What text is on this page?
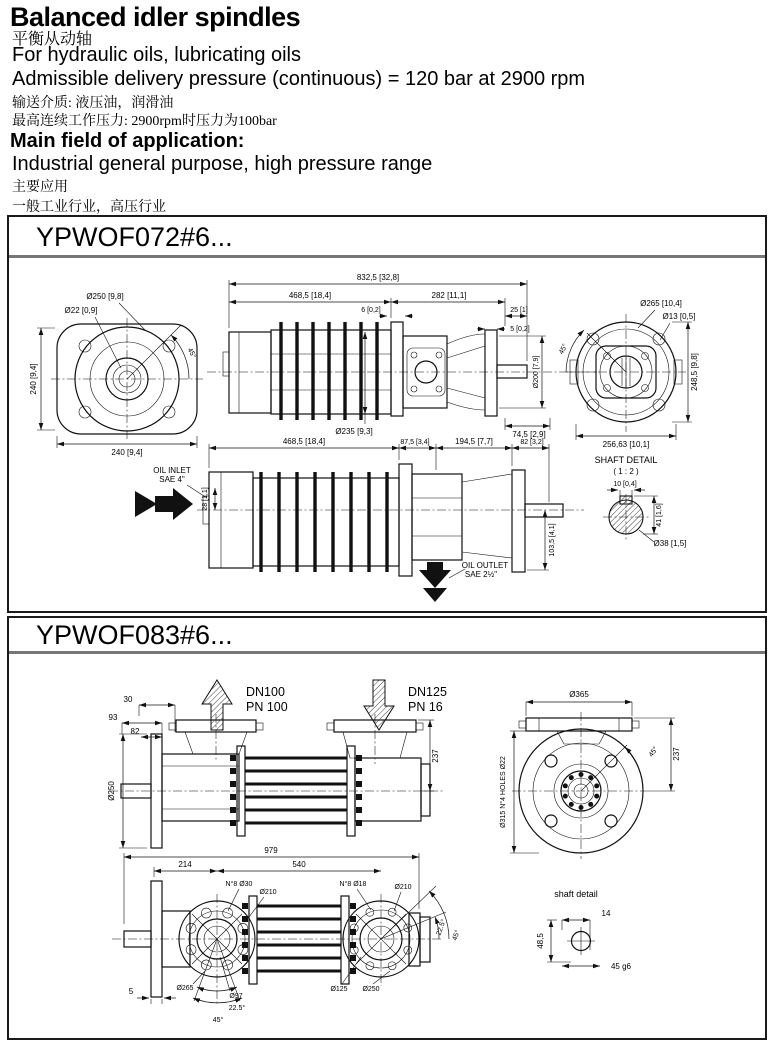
Balanced idler spindles
平衡从动轴
For hydraulic oils, lubricating oils
Admissible delivery pressure (continuous) = 120 bar at 2900 rpm
输送介质: 液压油，润滑油
最高连续工作压力: 2900rpm时压力为100bar
Main field of application:
Industrial general purpose, high pressure range
主要应用
一般工业行业，高压行业
YPWOF072#6...
240 [9,4]
240 [9,4]
Ø250 [9,8]
Ø22 [0,9]
45°
832,5 [32,8]
468,5 [18,4]	282 [11,1]
25 [1]
5 [0,2]
6 [0,2]
Ø235 [9,3]
Ø200 [7,9]
74,5 [2,9]
Ø265 [10,4]
Ø13 [0,5]
45°
248,5 [9,8]
256,63 [10,1]
468,5 [18,4]	87,5 [3,4]	194,5 [7,7]	82 [3,2]
OIL INLET
SAE 4"
28 [1,1]
OIL OUTLET
SAE 2½"
103,5 [4,1]
SHAFT DETAIL
( 1 : 2 )
10 [0,4]
41 [1,6]
Ø38 [1,5]
YPWOF083#6...
DN100
PN 100
DN125
PN 16
30
93
82
Ø250
237
Ø365
Ø315 N°4 HOLES Ø22
45° 237
979
214	540
N°8 Ø30
Ø210
N°8 Ø18	Ø210
Ø265
Ø97
22.5°
45°
5	Ø125 Ø250
22.5° 45°
shaft detail
14
48,5
45 g6
